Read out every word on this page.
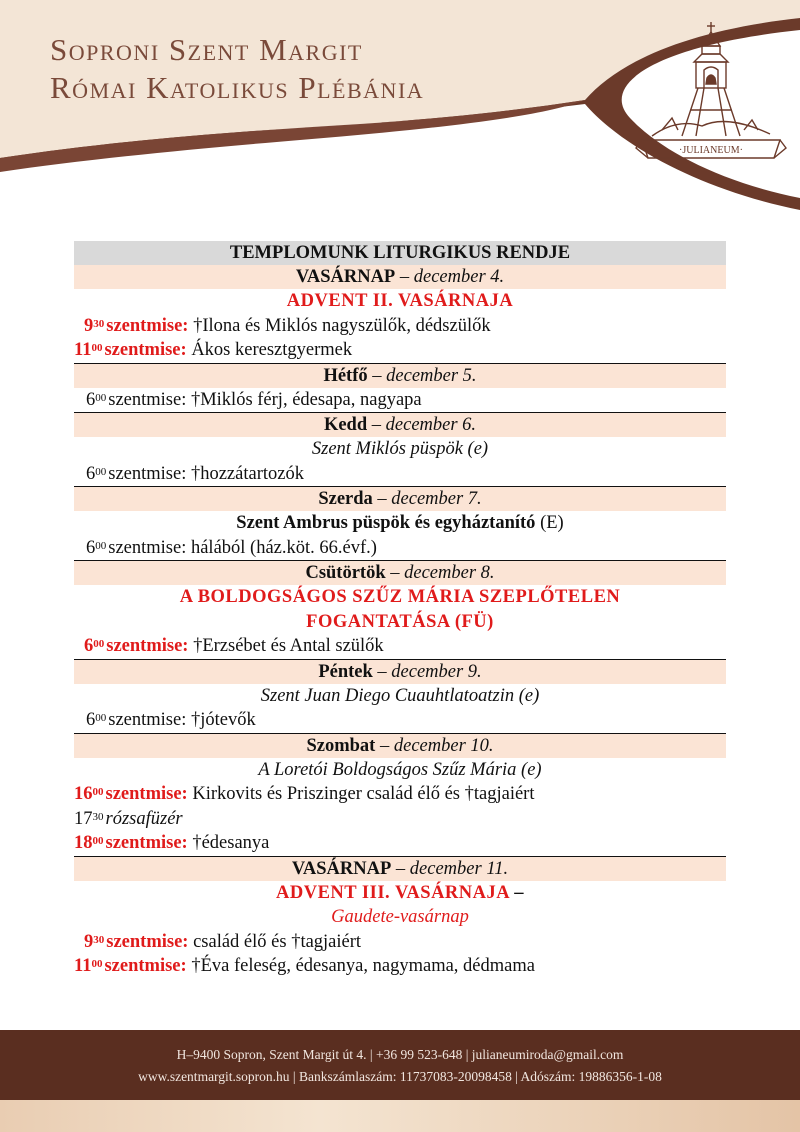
Soproni Szent Margit
Római Katolikus Plébánia
·JULIANEUM·
TEMPLOMUNK LITURGIKUS RENDJE
VASÁRNAP – december 4.
ADVENT II. VASÁRNAJA
$9^{30}$ szentmise: †Ilona és Miklós nagyszülők, dédszülők
$11^{00}$ szentmise: Ákos keresztgyermek
Hétfő – december 5.
$6^{00}$ szentmise: †Miklós férj, édesapa, nagyapa
Kedd – december 6.
Szent Miklós püspök (e)
$6^{00}$ szentmise: †hozzátartozók
Szerda – december 7.
Szent Ambrus püspök és egyháztanító (E)
$6^{00}$ szentmise: hálából (ház.köt. 66.évf.)
Csütörtök – december 8.
A BOLDOGSÁGOS SZŰZ MÁRIA SZEPLŐTELEN
FOGANTATÁSA (FÜ)
$6^{00}$ szentmise: †Erzsébet és Antal szülők
Péntek – december 9.
Szent Juan Diego Cuauhtlatoatzin (e)
$6^{00}$ szentmise: †jótevők
Szombat – december 10.
A Loretói Boldogságos Szűz Mária (e)
$16^{00}$ szentmise: Kirkovits és Priszinger család élő és †tagjaiért
$17^{30}$ rózsafüzér
$18^{00}$ szentmise: †édesanya
VASÁRNAP – december 11.
ADVENT III. VASÁRNAJA –
Gaudete-vasárnap
$9^{30}$ szentmise: család élő és †tagjaiért
$11^{00}$ szentmise: †Éva feleség, édesanya, nagymama, dédmama
H–9400 Sopron, Szent Margit út 4. | +36 99 523-648 | julianeumiroda@gmail.com
www.szentmargit.sopron.hu | Bankszámlaszám: 11737083-20098458 | Adószám: 19886356-1-08
